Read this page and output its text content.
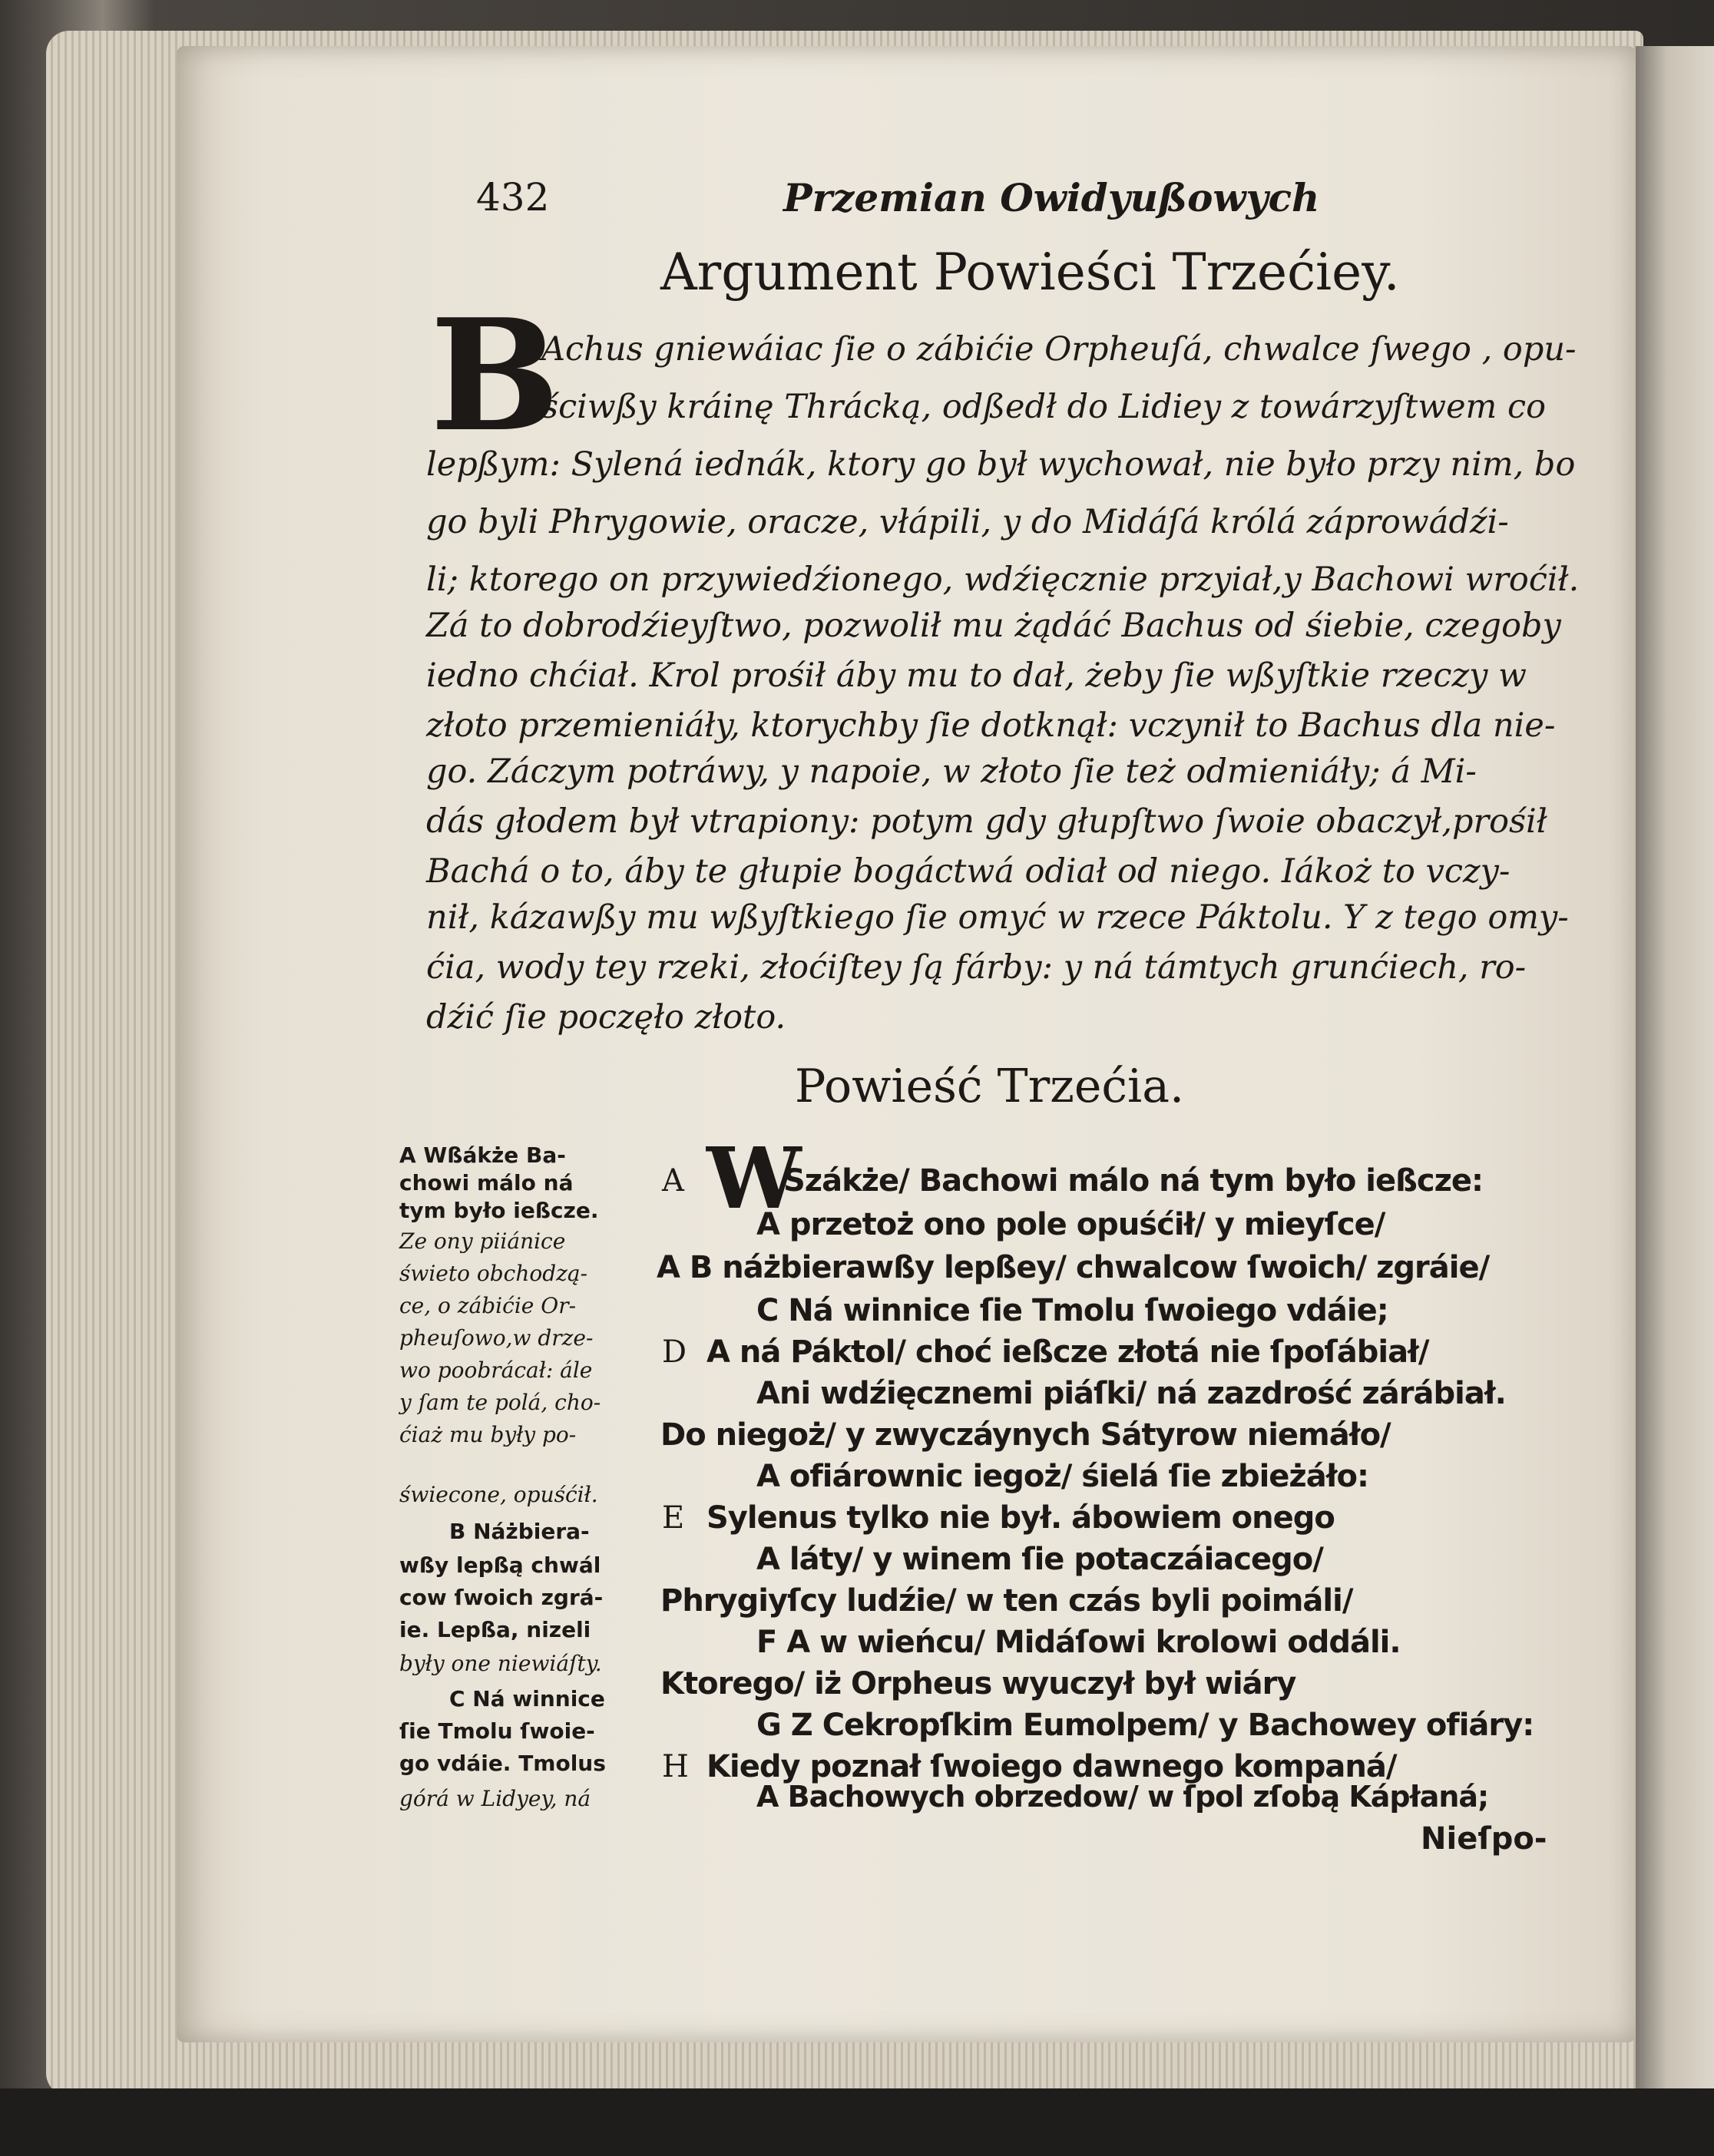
432	Przemian Owidyußowych
Argument Powieści Trzećiey.
B
Achus gniewáiac ſie o zábićie Orpheuſá, chwalce ſwego , opu-
ściwßy kráinę Thrácką, odßedł do Lidiey z towárzyſtwem co
lepßym: Sylená iednák, ktory go był wychował, nie było przy nim, bo
go byli Phrygowie, oracze, vłápili, y do Midáſá królá záprowádźi-
li; ktorego on przywiedźionego, wdźięcznie przyiał,y Bachowi wroćił.
Zá to dobrodźieyſtwo, pozwolił mu żądáć Bachus od śiebie, czegoby
iedno chćiał. Krol prośił áby mu to dał, żeby ſie wßyſtkie rzeczy w
złoto przemieniáły, ktorychby ſie dotknął: vczynił to Bachus dla nie-
go. Záczym potráwy, y napoie, w złoto ſie też odmieniáły; á Mi-
dás głodem był vtrapiony: potym gdy głupſtwo ſwoie obaczył,prośił
Bachá o to, áby te głupie bogáctwá odiał od niego. Iákoż to vczy-
nił, kázawßy mu wßyſtkiego ſie omyć w rzece Páktolu. Y z tego omy-
ćia, wody tey rzeki, złoćiſtey ſą fárby: y ná támtych grunćiech, ro-
dźić ſie poczęło złoto.
Powieść Trzećia.
A Wßákże Ba-
chowi málo ná
tym było ießcze.
Ze ony piiánice
świeto obchodzą-
ce, o zábićie Or-
pheuſowo,w drze-
wo poobrácał: ále
y ſam te polá, cho-
ćiaż mu były po-
świecone, opuśćił.
B Náżbiera-
wßy lepßą chwál
cow ſwoich zgrá-
ie. Lepßa, nizeli
były one niewiáſty.
C Ná winnice
ſie Tmolu ſwoie-
go vdáie. Tmolus
górá w Lidyey, ná
W
A	Szákże/ Bachowi málo ná tym było ießcze:
A przetoż ono pole opuśćił/ y mieyſce/
A B náżbierawßy lepßey/ chwalcow ſwoich/ zgráie/
C Ná winnice ſie Tmolu ſwoiego vdáie;
D A ná Páktol/ choć ießcze złotá nie ſpoſábiał/
Ani wdźięcznemi piáſki/ ná zazdrość zárábiał.
Do niegoż/ y zwyczáynych Sátyrow niemáło/
A ofiárownic iegoż/ śielá ſie zbieżáło:
E Sylenus tylko nie był. ábowiem onego
A láty/ y winem ſie potaczáiacego/
Phrygiyſcy ludźie/ w ten czás byli poimáli/
F A w wieńcu/ Midáſowi krolowi oddáli.
Ktorego/ iż Orpheus wyuczył był wiáry
G Z Cekropſkim Eumolpem/ y Bachowey ofiáry:
H Kiedy poznał ſwoiego dawnego kompaná/
A Bachowych obrzedow/ w ſpol zſobą Kápłaná;
Nieſpo-
